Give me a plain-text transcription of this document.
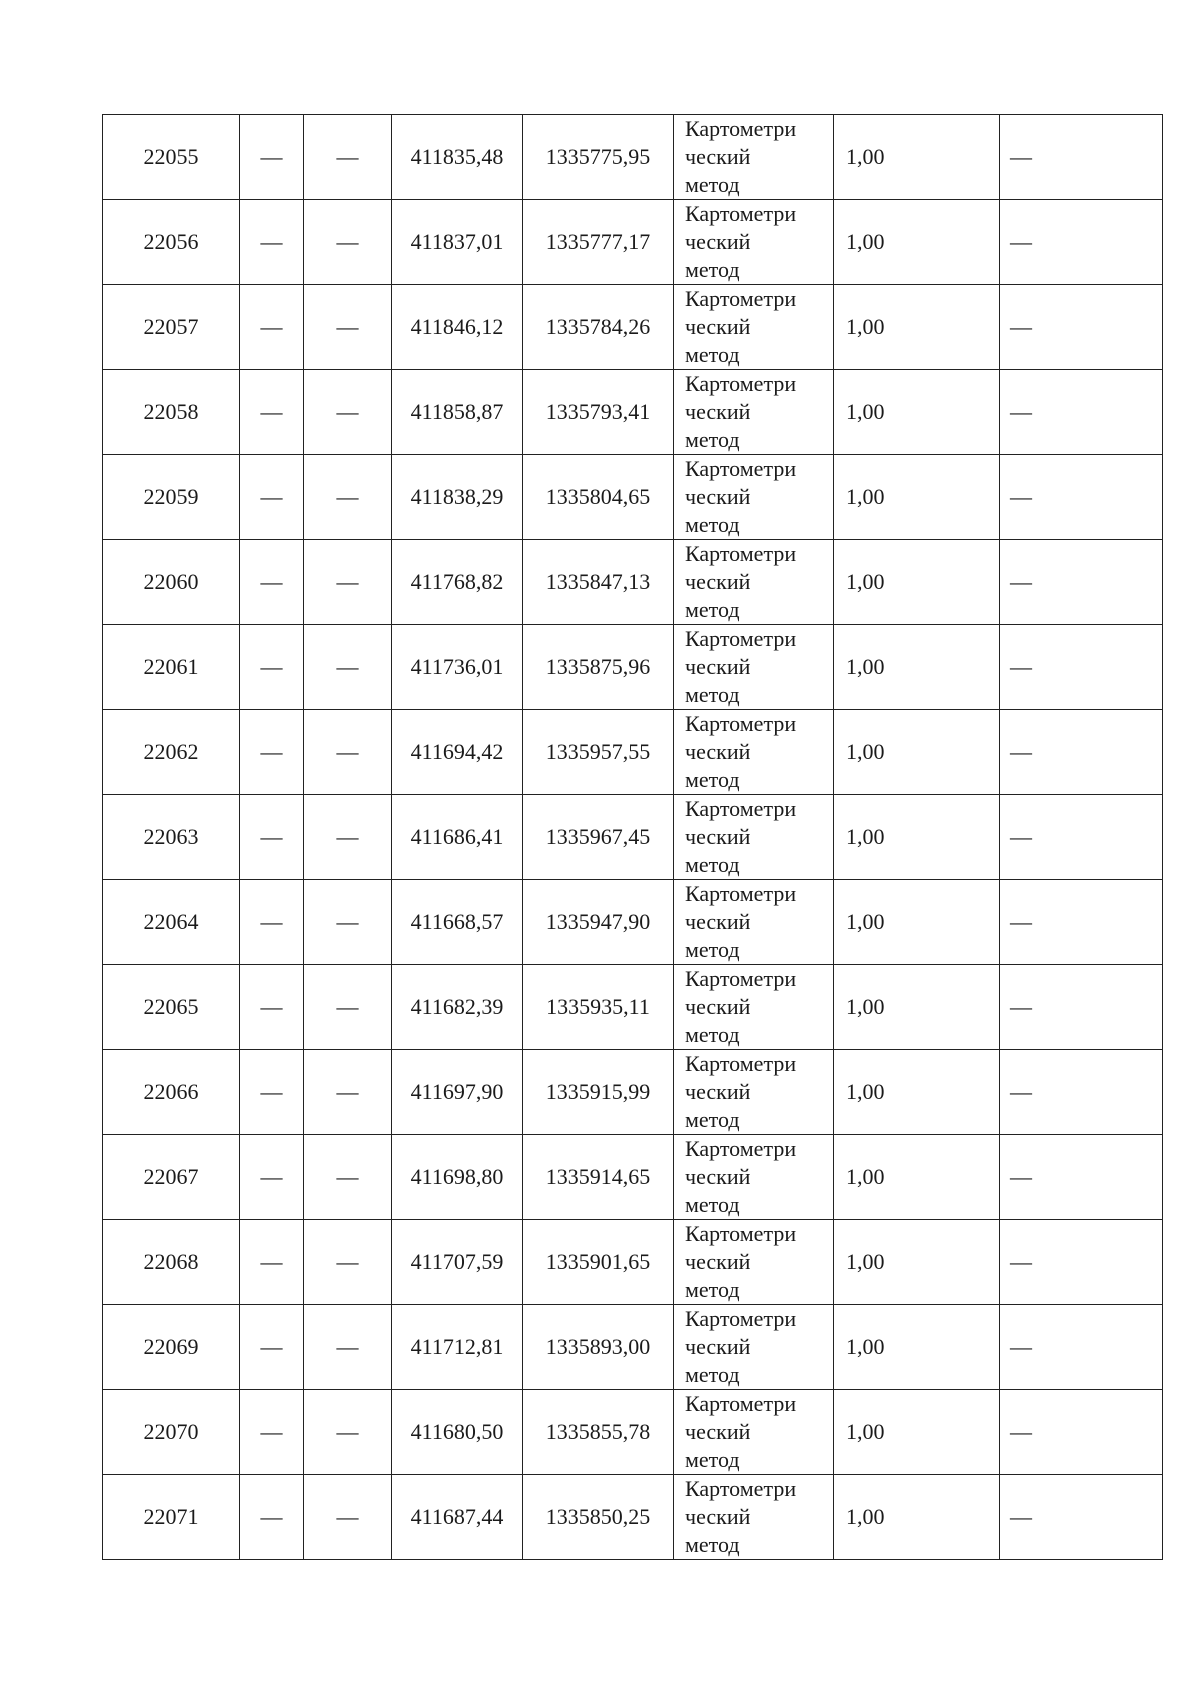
22055	—	—	411835,48	1335775,95	Картометри
ческий
метод	1,00	—
22056	—	—	411837,01	1335777,17	Картометри
ческий
метод	1,00	—
22057	—	—	411846,12	1335784,26	Картометри
ческий
метод	1,00	—
22058	—	—	411858,87	1335793,41	Картометри
ческий
метод	1,00	—
22059	—	—	411838,29	1335804,65	Картометри
ческий
метод	1,00	—
22060	—	—	411768,82	1335847,13	Картометри
ческий
метод	1,00	—
22061	—	—	411736,01	1335875,96	Картометри
ческий
метод	1,00	—
22062	—	—	411694,42	1335957,55	Картометри
ческий
метод	1,00	—
22063	—	—	411686,41	1335967,45	Картометри
ческий
метод	1,00	—
22064	—	—	411668,57	1335947,90	Картометри
ческий
метод	1,00	—
22065	—	—	411682,39	1335935,11	Картометри
ческий
метод	1,00	—
22066	—	—	411697,90	1335915,99	Картометри
ческий
метод	1,00	—
22067	—	—	411698,80	1335914,65	Картометри
ческий
метод	1,00	—
22068	—	—	411707,59	1335901,65	Картометри
ческий
метод	1,00	—
22069	—	—	411712,81	1335893,00	Картометри
ческий
метод	1,00	—
22070	—	—	411680,50	1335855,78	Картометри
ческий
метод	1,00	—
22071	—	—	411687,44	1335850,25	Картометри
ческий
метод	1,00	—
